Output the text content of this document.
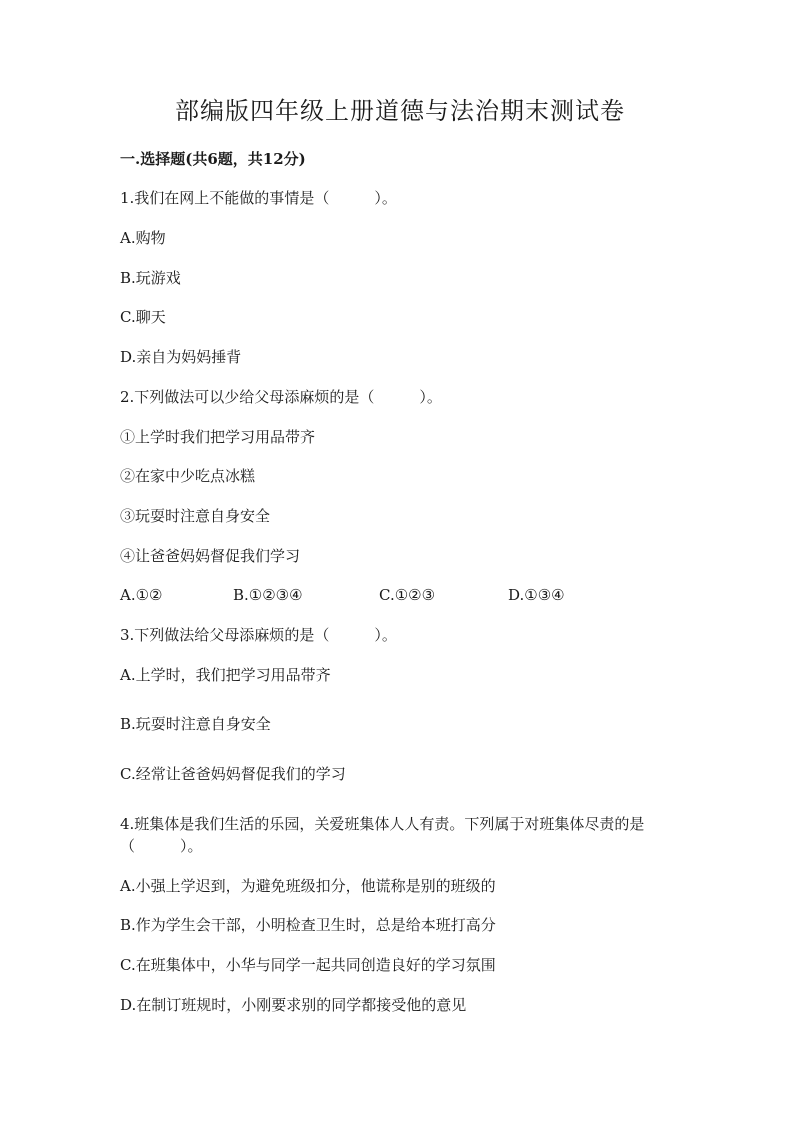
部编版四年级上册道德与法治期末测试卷
一.选择题(共6题，共12分)
1.我们在网上不能做的事情是（　　　）。
A.购物
B.玩游戏
C.聊天
D.亲自为妈妈捶背
2.下列做法可以少给父母添麻烦的是（　　　）。
①上学时我们把学习用品带齐
②在家中少吃点冰糕
③玩耍时注意自身安全
④让爸爸妈妈督促我们学习
A.①②	B.①②③④	C.①②③	D.①③④
3.下列做法给父母添麻烦的是（　　　）。
A.上学时，我们把学习用品带齐
B.玩耍时注意自身安全
C.经常让爸爸妈妈督促我们的学习
4.班集体是我们生活的乐园，关爱班集体人人有责。下列属于对班集体尽责的是（　　　）。
A.小强上学迟到，为避免班级扣分，他谎称是别的班级的
B.作为学生会干部，小明检查卫生时，总是给本班打高分
C.在班集体中，小华与同学一起共同创造良好的学习氛围
D.在制订班规时，小刚要求别的同学都接受他的意见
